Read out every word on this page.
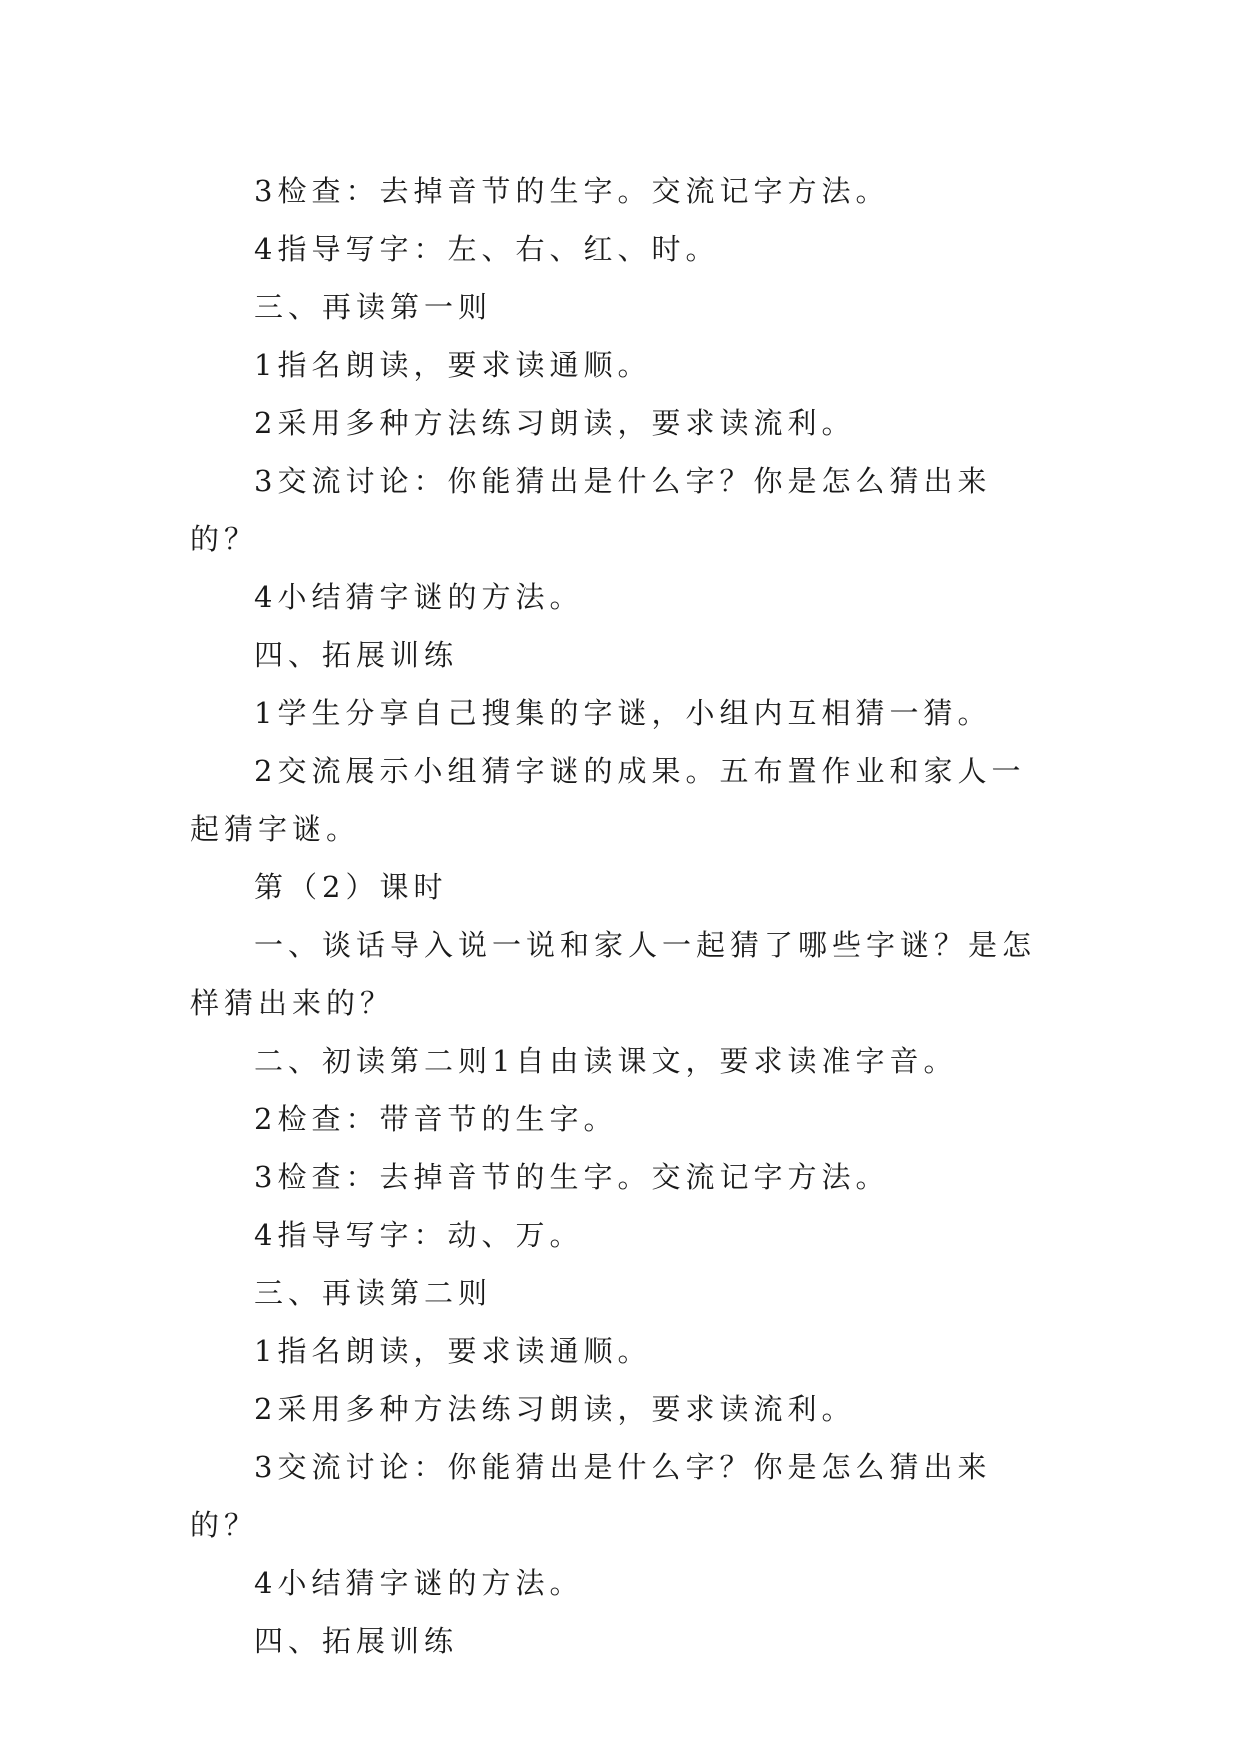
3检查：去掉音节的生字。交流记字方法。

4指导写字：左、右、红、时。

三、再读第一则

1指名朗读，要求读通顺。

2采用多种方法练习朗读，要求读流利。

3交流讨论：你能猜出是什么字？你是怎么猜出来的？

4小结猜字谜的方法。

四、拓展训练

1学生分享自己搜集的字谜，小组内互相猜一猜。

2交流展示小组猜字谜的成果。五布置作业和家人一起猜字谜。

第（2）课时

一、谈话导入说一说和家人一起猜了哪些字谜？是怎样猜出来的？

二、初读第二则1自由读课文，要求读准字音。

2检查：带音节的生字。

3检查：去掉音节的生字。交流记字方法。

4指导写字：动、万。

三、再读第二则

1指名朗读，要求读通顺。

2采用多种方法练习朗读，要求读流利。

3交流讨论：你能猜出是什么字？你是怎么猜出来的？

4小结猜字谜的方法。

四、拓展训练
